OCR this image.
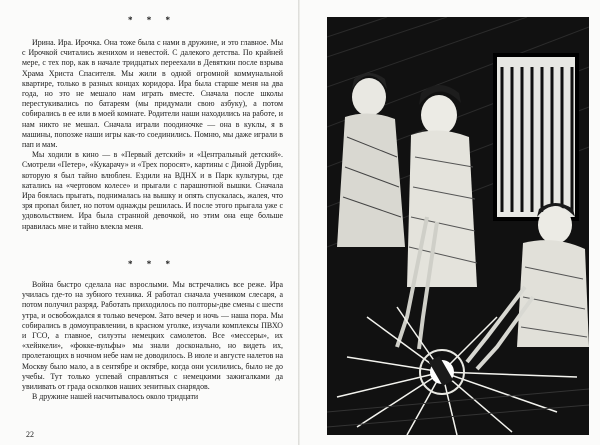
* * *

Ирина. Ира. Ирочка. Она тоже была с нами в дружине, и это главное. Мы с Ирочкой считались женихом и невестой. С далекого детства. По крайней мере, с тех пор, как в начале тридцатых переехали в Девяткин после взрыва Храма Христа Спасителя. Мы жили в одной огромной коммунальной квартире, только в разных концах коридора. Ира была старше меня на два года, но это не мешало нам играть вместе. Сначала после школы перестукивались по батареям (мы придумали свою азбуку), а потом собирались в ее или в моей комнате. Родители наши находились на работе, и нам никто не мешал. Сначала играли поодиночке — она в куклы, я в машины, попозже наши игры как-то соединились. Помню, мы даже играли в пап и мам.

Мы ходили в кино — в «Первый детский» и «Центральный детский». Смотрели «Петер», «Кукарачу» и «Трех поросят», картины с Диной Дурбин, которую я был тайно влюблен. Ездили на ВДНХ и в Парк культуры, где катались на «чертовом колесе» и прыгали с парашютной вышки. Сначала Ира боялась прыгать, поднималась на вышку и опять спускалась, жалея, что зря пропал билет, но потом однажды решилась. И после этого прыгала уже с удовольствием. Ира была странной девочкой, но этим она еще больше нравилась мне и тайно влекла меня.

* * *

Война быстро сделала нас взрослыми. Мы встречались все реже. Ира училась где-то на зубного техника. Я работал сначала учеником слесаря, а потом получил разряд. Работать приходилось по полторы-две смены с шести утра, и освобождался я только вечером. Зато вечер и ночь — наша пора. Мы собирались в домоуправлении, в красном уголке, изучали комплексы ПВХО и ГСО, а главное, силуэты немецких самолетов. Все «мессеры», их «хейнкели», «фокке-вульфы» мы знали досконально, но видеть их, пролетающих в ночном небе нам не доводилось. В июле и августе налетов на Москву было мало, а в сентябре и октябре, когда они усилились, было не до учебы. Тут только успевай справляться с немецкими зажигалками да увиливать от града осколков наших зенитных снарядов.

В дружине нашей насчитывалось около тридцати

22
